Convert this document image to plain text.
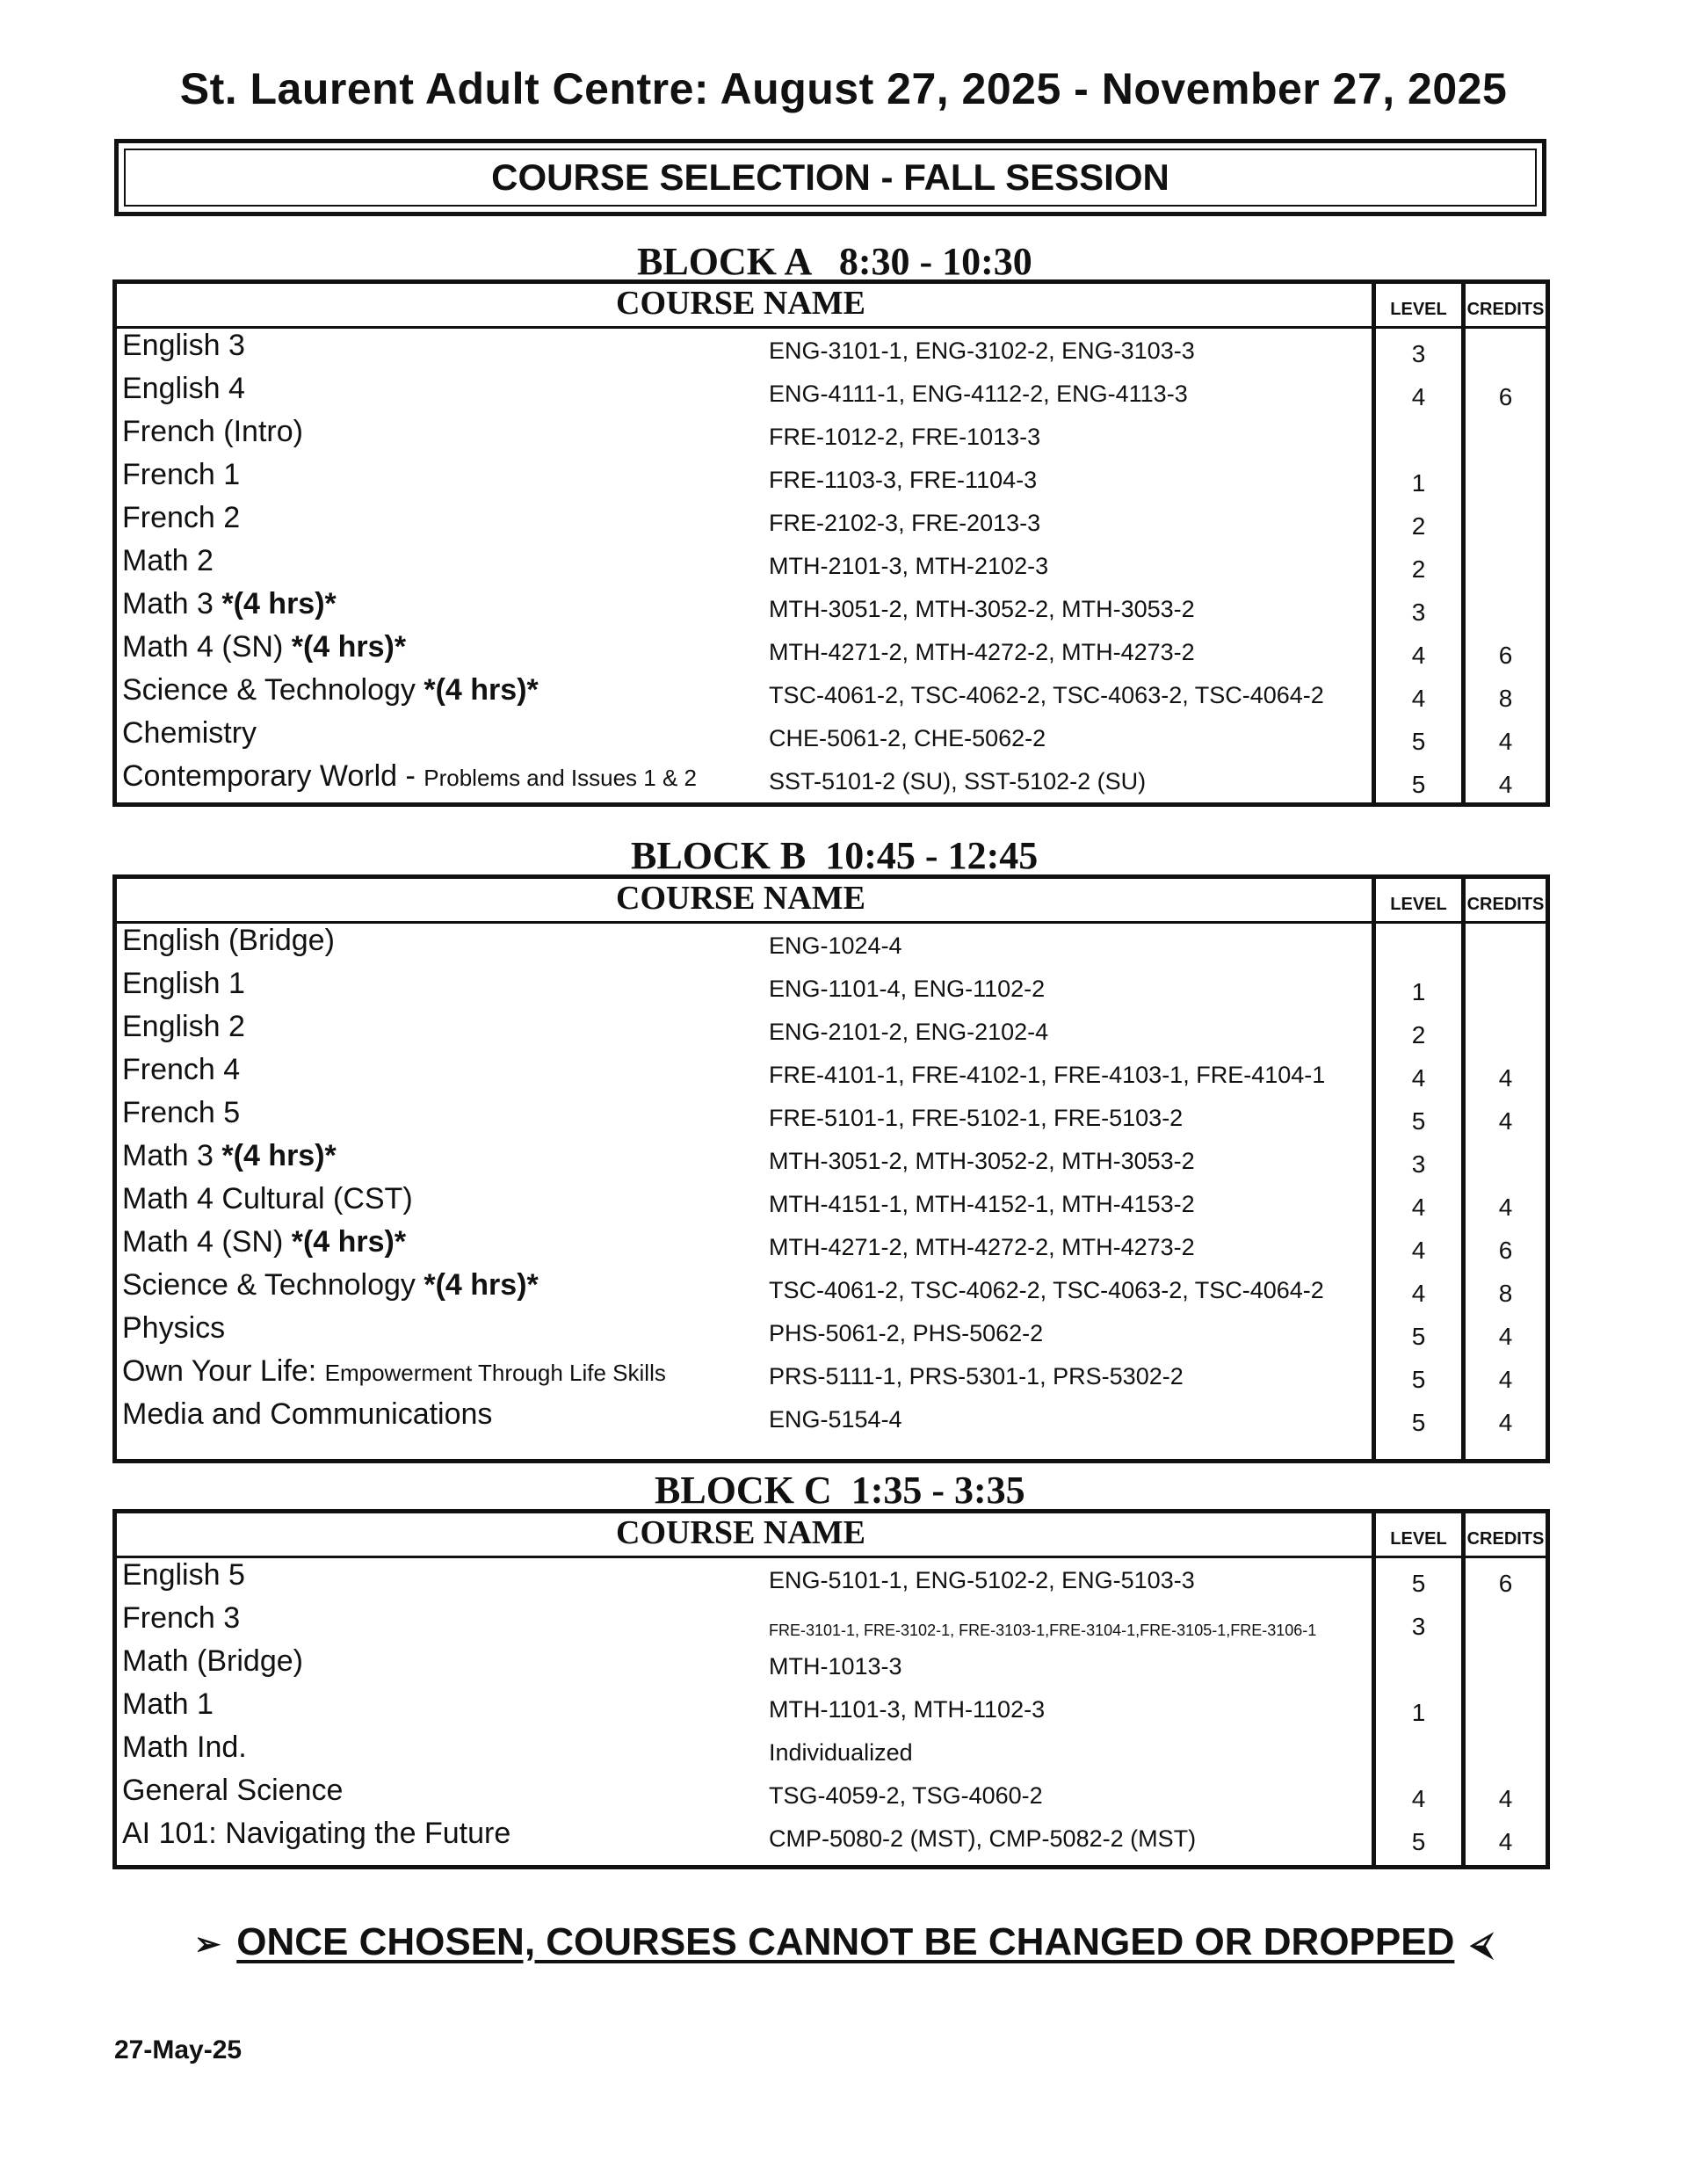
St. Laurent Adult Centre: August 27, 2025 - November 27, 2025
COURSE SELECTION - FALL SESSION
BLOCK A   8:30 - 10:30
COURSE NAME	LEVEL	CREDITS
English 3	ENG-3101-1, ENG-3102-2, ENG-3103-3	3
English 4	ENG-4111-1, ENG-4112-2, ENG-4113-3	4	6
French (Intro)	FRE-1012-2, FRE-1013-3
French 1	FRE-1103-3, FRE-1104-3	1
French 2	FRE-2102-3, FRE-2013-3	2
Math 2	MTH-2101-3, MTH-2102-3	2
Math 3 *(4 hrs)*	MTH-3051-2, MTH-3052-2, MTH-3053-2	3
Math 4 (SN) *(4 hrs)*	MTH-4271-2, MTH-4272-2, MTH-4273-2	4	6
Science & Technology *(4 hrs)*	TSC-4061-2, TSC-4062-2, TSC-4063-2, TSC-4064-2	4	8
Chemistry	CHE-5061-2, CHE-5062-2	5	4
Contemporary World - Problems and Issues 1 & 2	SST-5101-2 (SU), SST-5102-2 (SU)	5	4
BLOCK B  10:45 - 12:45
COURSE NAME	LEVEL	CREDITS
English (Bridge)	ENG-1024-4
English 1	ENG-1101-4, ENG-1102-2	1
English 2	ENG-2101-2, ENG-2102-4	2
French 4	FRE-4101-1, FRE-4102-1, FRE-4103-1, FRE-4104-1	4	4
French 5	FRE-5101-1, FRE-5102-1, FRE-5103-2	5	4
Math 3 *(4 hrs)*	MTH-3051-2, MTH-3052-2, MTH-3053-2	3
Math 4 Cultural (CST)	MTH-4151-1, MTH-4152-1, MTH-4153-2	4	4
Math 4 (SN) *(4 hrs)*	MTH-4271-2, MTH-4272-2, MTH-4273-2	4	6
Science & Technology *(4 hrs)*	TSC-4061-2, TSC-4062-2, TSC-4063-2, TSC-4064-2	4	8
Physics	PHS-5061-2, PHS-5062-2	5	4
Own Your Life: Empowerment Through Life Skills	PRS-5111-1, PRS-5301-1, PRS-5302-2	5	4
Media and Communications	ENG-5154-4	5	4
BLOCK C  1:35 - 3:35
COURSE NAME	LEVEL	CREDITS
English 5	ENG-5101-1, ENG-5102-2, ENG-5103-3	5	6
French 3	FRE-3101-1, FRE-3102-1, FRE-3103-1,FRE-3104-1,FRE-3105-1,FRE-3106-1	3
Math (Bridge)	MTH-1013-3
Math 1	MTH-1101-3, MTH-1102-3	1
Math Ind.	Individualized
General Science	TSG-4059-2, TSG-4060-2	4	4
AI 101: Navigating the Future	CMP-5080-2 (MST), CMP-5082-2 (MST)	5	4
➢ ONCE CHOSEN, COURSES CANNOT BE CHANGED OR DROPPED ⮘
27-May-25
